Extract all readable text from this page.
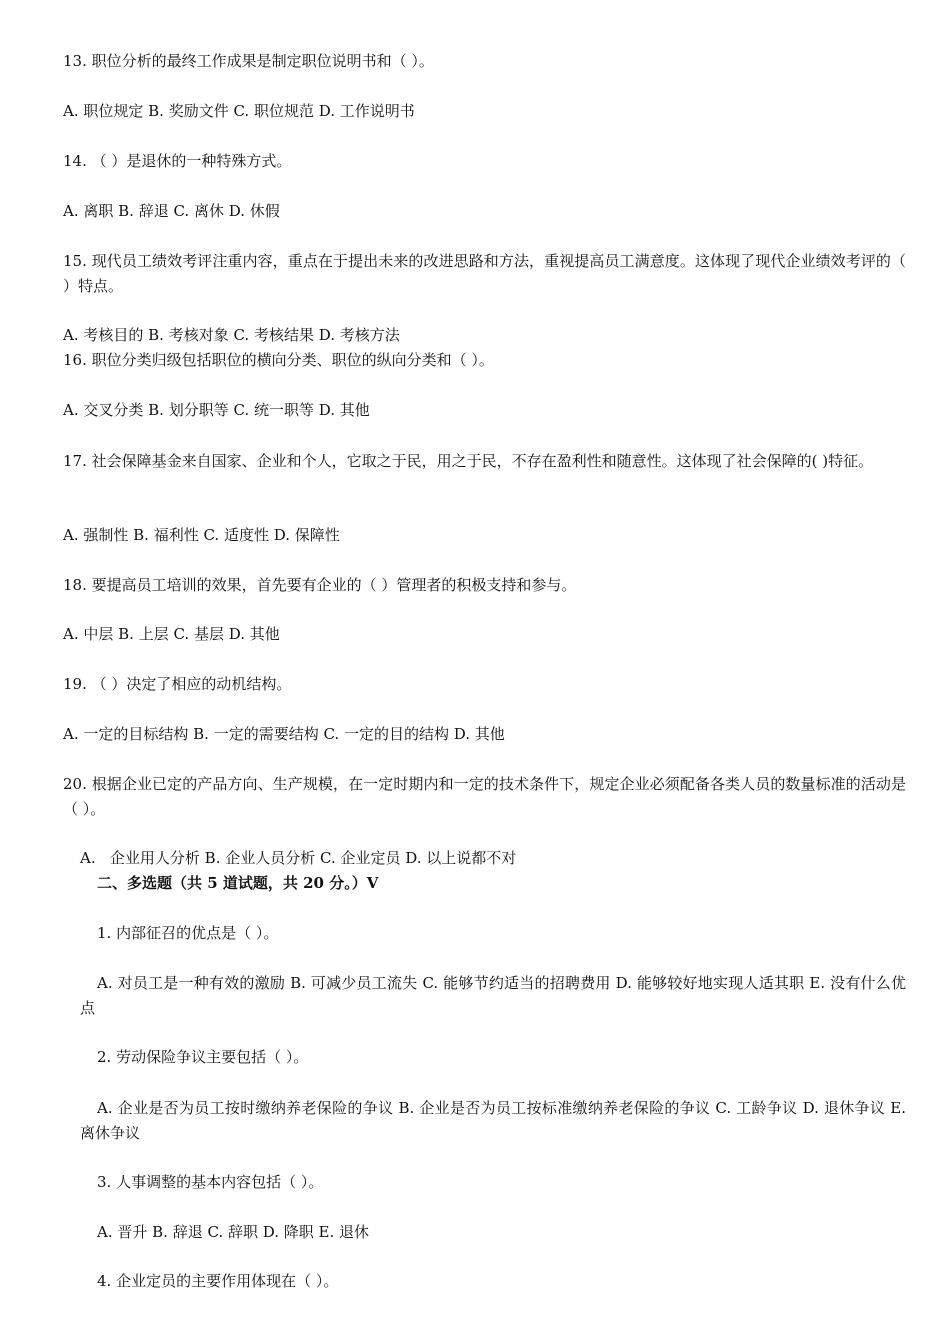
13. 职位分析的最终工作成果是制定职位说明书和（ ）。
A. 职位规定 B. 奖励文件 C. 职位规范 D. 工作说明书
14. （ ）是退休的一种特殊方式。
A. 离职 B. 辞退 C. 离休 D. 休假
15. 现代员工绩效考评注重内容，重点在于提出未来的改进思路和方法，重视提高员工满意度。这体现了现代企业绩效考评的（ ）特点。
A. 考核目的 B. 考核对象 C. 考核结果 D. 考核方法
16. 职位分类归级包括职位的横向分类、职位的纵向分类和（ ）。
A. 交叉分类 B. 划分职等 C. 统一职等 D. 其他
17. 社会保障基金来自国家、企业和个人，它取之于民，用之于民，不存在盈利性和随意性。这体现了社会保障的( )特征。
A. 强制性 B. 福利性 C. 适度性 D. 保障性
18. 要提高员工培训的效果，首先要有企业的（ ）管理者的积极支持和参与。
A. 中层 B. 上层 C. 基层 D. 其他
19. （ ）决定了相应的动机结构。
A. 一定的目标结构 B. 一定的需要结构 C. 一定的目的结构 D. 其他
20. 根据企业已定的产品方向、生产规模，在一定时期内和一定的技术条件下，规定企业必须配备各类人员的数量标准的活动是（ ）。
A.   企业用人分析 B. 企业人员分析 C. 企业定员 D. 以上说都不对
二、多选题（共 5 道试题，共 20 分。）V
1. 内部征召的优点是（ ）。
A. 对员工是一种有效的激励 B. 可减少员工流失 C. 能够节约适当的招聘费用 D. 能够较好地实现人适其职 E. 没有什么优点
2. 劳动保险争议主要包括（ ）。
A. 企业是否为员工按时缴纳养老保险的争议 B. 企业是否为员工按标准缴纳养老保险的争议 C. 工龄争议 D. 退休争议 E. 离休争议
3. 人事调整的基本内容包括（ ）。
A. 晋升 B. 辞退 C. 辞职 D. 降职 E. 退休
4. 企业定员的主要作用体现在（ ）。
